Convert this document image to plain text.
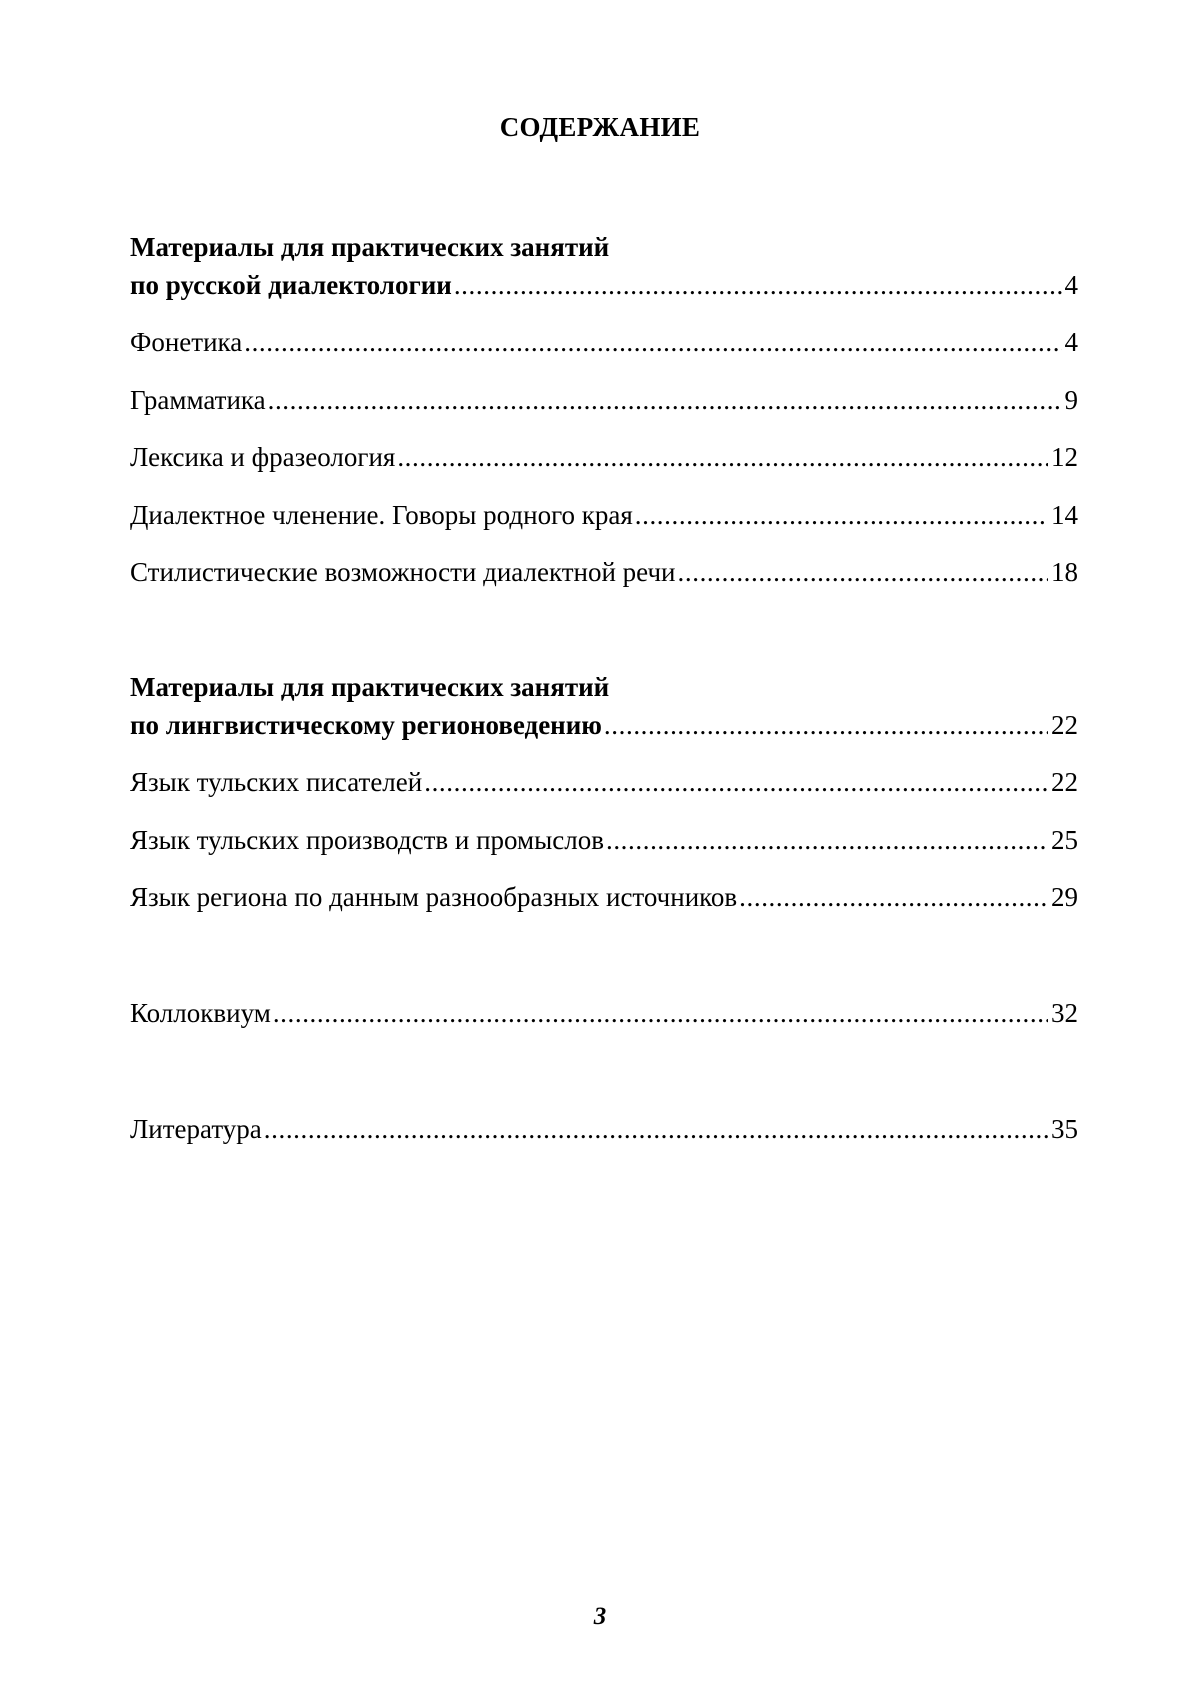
СОДЕРЖАНИЕ
Материалы для практических занятий
по русской диалектологии .....	4
Фонетика .....	4
Грамматика .....	9
Лексика и фразеология .....	12
Диалектное членение. Говоры родного края .....	14
Стилистические возможности диалектной речи .....	18
Материалы для практических занятий
по лингвистическому регионоведению .....	22
Язык тульских писателей .....	22
Язык тульских производств и промыслов .....	25
Язык региона по данным разнообразных источников .....	29
Коллоквиум .....	32
Литература .....	35
3
